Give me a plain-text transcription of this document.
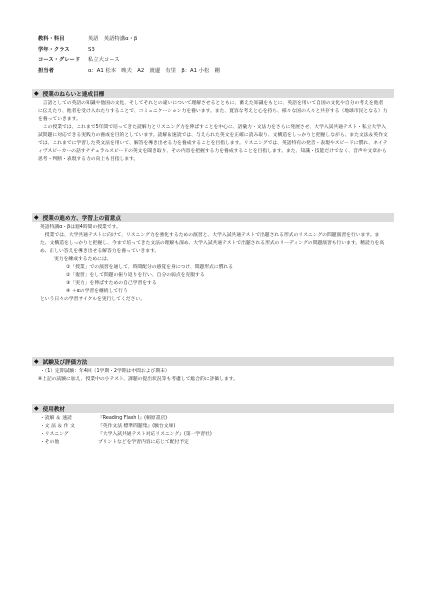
教科・科目	英語　英語特講α・β
学年・クラス	S3
コース・グレード	私立大コース
担当者	α：A1 松本　映夫　A2　渡邊　有里　β：A1 小松　剛
◆ 授業のねらいと達成目標
　言語としての英語の知識や他国の文化、そしてそれとの違いについて理解させるとともに、蓄えた知識をもとに、英語を用いて自国の文化や自分の考えを他者に伝えたり、他者を受け入れたりすることで、コミュニケーション力を養います。また、寛容な考えと心を持ち、様々な国の人々と共存する（地球市民となる）力を養っていきます。
　この授業では、これまで5年間で培ってきた読解力とリスニング力を伸ばすことを中心に、語彙力・文法力をさらに発展させ、大学入試共通テスト・私立大学入試問題に対応できる実践力の養成を目的としています。読解＆速読では、与えられた英文を正確に読み取り、文構造をしっかりと把握しながら、また文法＆英作文では、これまでに学習した英文法を用いて、解答を導き出せる力を養成することを目指します。リスニングでは、英語特有の発音・表現やスピードに慣れ、ネイティヴスピーカーの話すナチュラルスピードの英文を聞き取り、その内容を把握する力を養成することを目指します。また、知識・技能だけでなく、音声や文章から思考・判断・表現する力の向上も目指します。
◆ 授業の進め方、学習上の留意点
英語特講α・βは週4時間の授業です。
　授業では、大学共通テストに向けて、リスニング力を強化するための演習と、大学入試共通テストで出題される形式のリスニングの問題演習を行います。また、文構造をしっかりと把握し、今まで培ってきた文法の理解も深め、大学入試共通テストで出題される形式のリーディングの問題演習も行います。精読力を高め、正しい答えを導き出せる解答力を養っていきます。
実力を練成するためには、
①「授業」での演習を通して、時間配分の感覚を身につけ、問題形式に慣れる
②「復習」をして問題の振り返りを行い、自分の弱点を克服する
③「実力」を伸ばすための自己学習をする
④ ＋αの学習を継続して行う
という日々の学習サイクルを実行してください。
◆ 試験及び評価方法
・（1）定期試験：年4回（1学期・2学期は中間および期末）
※上記の試験に加え、授業中の小テスト、課題の提出状況等も考慮して総合的に評価します。
◆ 使用教材
・読解 ＆ 速読	『Reading Flash Ⅰ』(桐原書店)
・文 法 ＆ 作 文	『英作文法 標準問題集』(駿台文庫)
・リスニング	『大学入試共通テスト対応リスニング』(第一学習社)
・その他	プリントなどを学習内容に応じて配付予定
